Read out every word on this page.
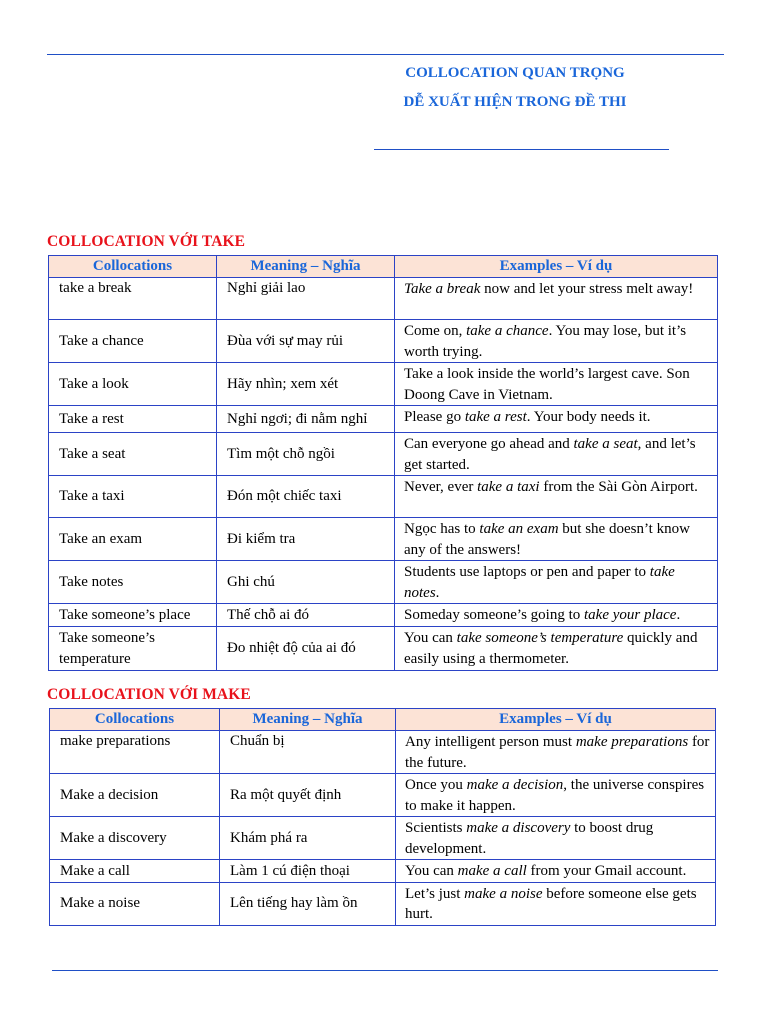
COLLOCATION QUAN TRỌNG
DỄ XUẤT HIỆN TRONG ĐỀ THI
COLLOCATION VỚI TAKE
Collocations	Meaning – Nghĩa	Examples – Ví dụ
take a break	Nghỉ giải lao	Take a break now and let your stress melt away!
Take a chance	Đùa với sự may rủi	Come on, take a chance. You may lose, but it’s worth trying.
Take a look	Hãy nhìn; xem xét	Take a look inside the world’s largest cave. Son Doong Cave in Vietnam.
Take a rest	Nghỉ ngơi; đi nằm nghỉ	Please go take a rest. Your body needs it.
Take a seat	Tìm một chỗ ngồi	Can everyone go ahead and take a seat, and let’s get started.
Take a taxi	Đón một chiếc taxi	Never, ever take a taxi from the Sài Gòn Airport.
Take an exam	Đi kiểm tra	Ngọc has to take an exam but she doesn’t know any of the answers!
Take notes	Ghi chú	Students use laptops or pen and paper to take notes.
Take someone’s place	Thế chỗ ai đó	Someday someone’s going to take your place.
Take someone’s temperature	Đo nhiệt độ của ai đó	You can take someone’s temperature quickly and easily using a thermometer.
COLLOCATION VỚI MAKE
Collocations	Meaning – Nghĩa	Examples – Ví dụ
make preparations	Chuẩn bị	Any intelligent person must make preparations for the future.
Make a decision	Ra một quyết định	Once you make a decision, the universe conspires to make it happen.
Make a discovery	Khám phá ra	Scientists make a discovery to boost drug development.
Make a call	Làm 1 cú điện thoại	You can make a call from your Gmail account.
Make a noise	Lên tiếng hay làm ồn	Let’s just make a noise before someone else gets hurt.
